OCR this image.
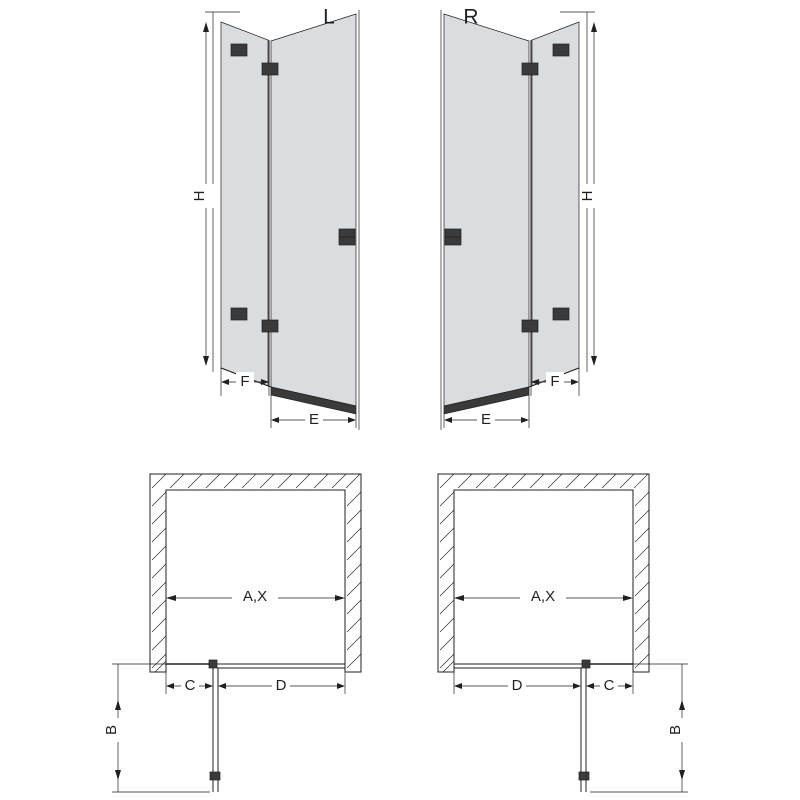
L
H
F
E
R
H
F
E
A,X
B
C	D
A,X
B
D	C
